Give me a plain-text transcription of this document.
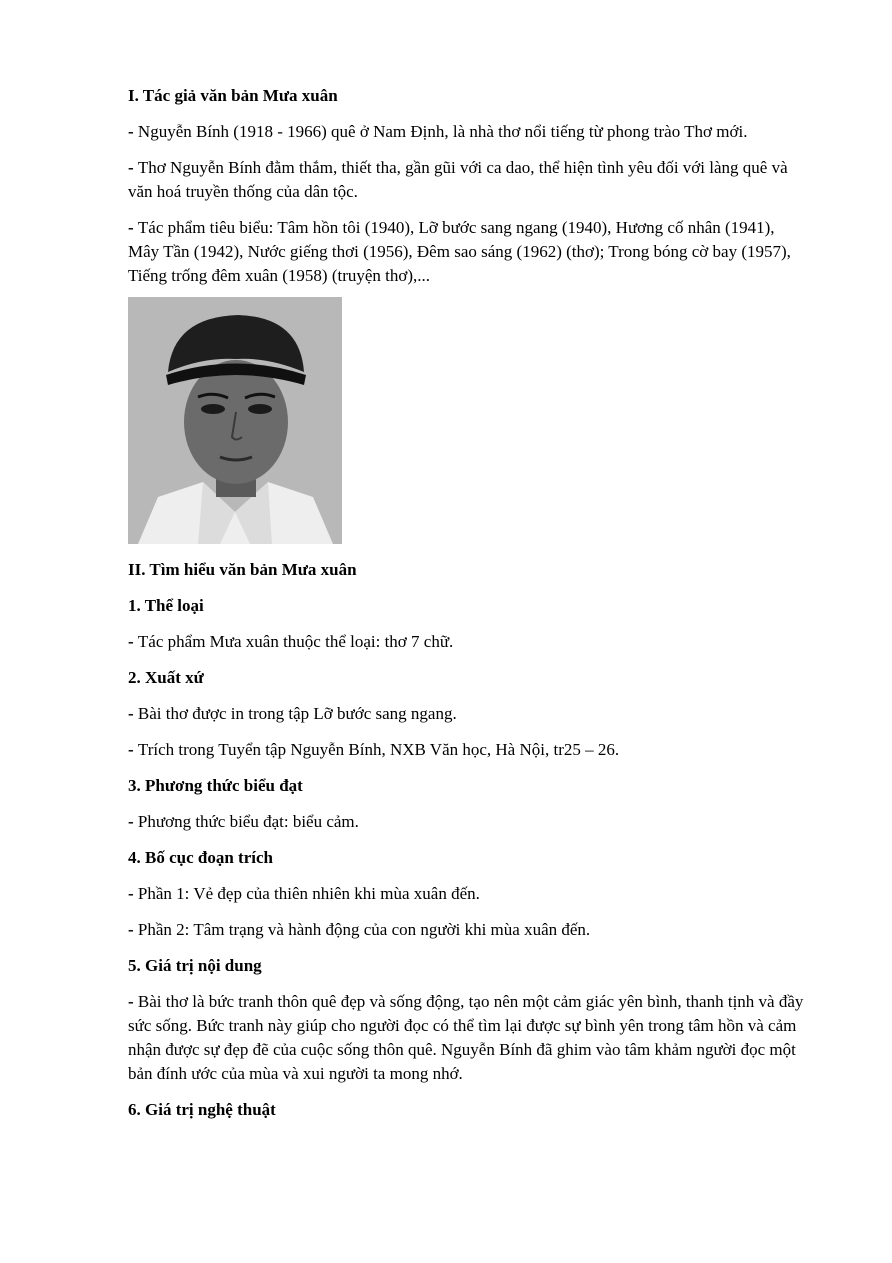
I. Tác giả văn bản Mưa xuân

- Nguyễn Bính (1918 - 1966) quê ở Nam Định, là nhà thơ nổi tiếng từ phong trào Thơ mới.

- Thơ Nguyễn Bính đằm thắm, thiết tha, gần gũi với ca dao, thể hiện tình yêu đối với làng quê và văn hoá truyền thống của dân tộc.

- Tác phẩm tiêu biểu: Tâm hồn tôi (1940), Lỡ bước sang ngang (1940), Hương cố nhân (1941), Mây Tần (1942), Nước giếng thơi (1956), Đêm sao sáng (1962) (thơ); Trong bóng cờ bay (1957), Tiếng trống đêm xuân (1958) (truyện thơ),...

II. Tìm hiểu văn bản Mưa xuân

1. Thể loại

- Tác phẩm Mưa xuân thuộc thể loại: thơ 7 chữ.

2. Xuất xứ

- Bài thơ được in trong tập Lỡ bước sang ngang.

- Trích trong Tuyển tập Nguyễn Bính, NXB Văn học, Hà Nội, tr25 – 26.

3. Phương thức biểu đạt

- Phương thức biểu đạt: biểu cảm.

4. Bố cục đoạn trích

- Phần 1: Vẻ đẹp của thiên nhiên khi mùa xuân đến.

- Phần 2: Tâm trạng và hành động của con người khi mùa xuân đến.

5. Giá trị nội dung

- Bài thơ là bức tranh thôn quê đẹp và sống động, tạo nên một cảm giác yên bình, thanh tịnh và đầy sức sống. Bức tranh này giúp cho người đọc có thể tìm lại được sự bình yên trong tâm hồn và cảm nhận được sự đẹp đẽ của cuộc sống thôn quê. Nguyễn Bính đã ghim vào tâm khảm người đọc một bản đính ước của mùa và xui người ta mong nhớ.

6. Giá trị nghệ thuật
